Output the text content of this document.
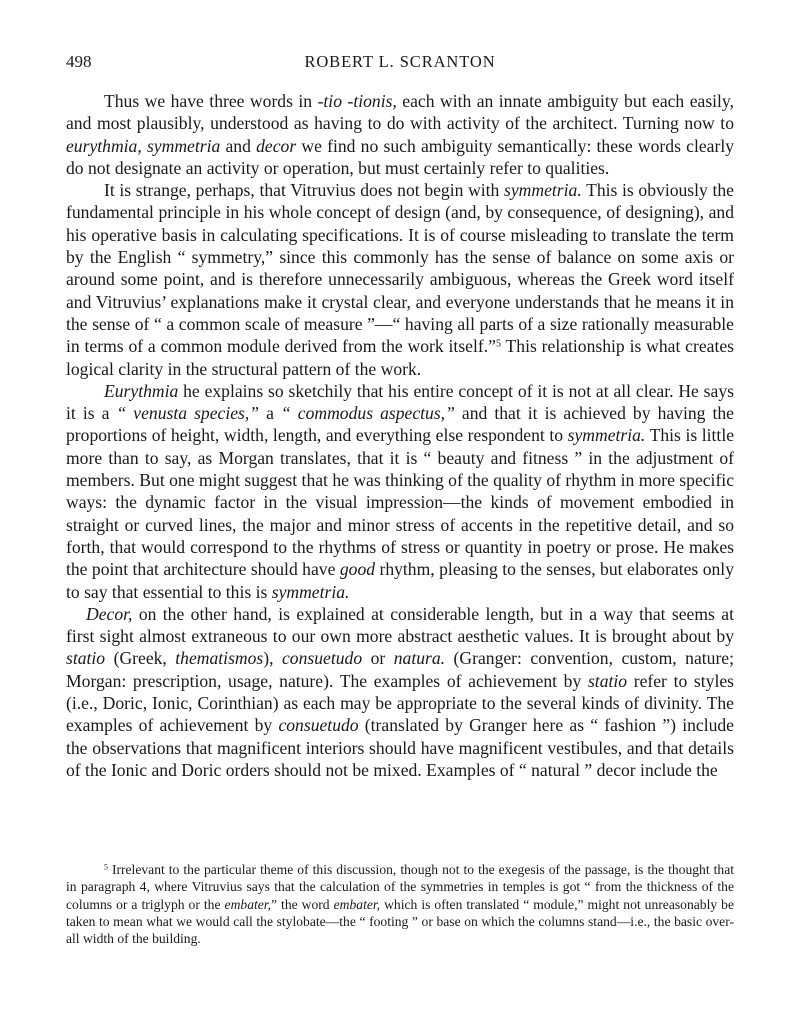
498	ROBERT L. SCRANTON

Thus we have three words in -tio -tionis, each with an innate ambiguity but each easily, and most plausibly, understood as having to do with activity of the architect. Turning now to eurythmia, symmetria and decor we find no such ambiguity semantically: these words clearly do not designate an activity or operation, but must certainly refer to qualities.

It is strange, perhaps, that Vitruvius does not begin with symmetria. This is obviously the fundamental principle in his whole concept of design (and, by consequence, of designing), and his operative basis in calculating specifications. It is of course misleading to translate the term by the English “ symmetry,” since this commonly has the sense of balance on some axis or around some point, and is therefore unnecessarily ambiguous, whereas the Greek word itself and Vitruvius’ explanations make it crystal clear, and everyone understands that he means it in the sense of “ a common scale of measure ”—“ having all parts of a size rationally measurable in terms of a common module derived from the work itself.”$^5$ This relationship is what creates logical clarity in the structural pattern of the work.

Eurythmia he explains so sketchily that his entire concept of it is not at all clear. He says it is a “ venusta species,” a “ commodus aspectus,” and that it is achieved by having the proportions of height, width, length, and everything else respondent to symmetria. This is little more than to say, as Morgan translates, that it is “ beauty and fitness ” in the adjustment of members. But one might suggest that he was thinking of the quality of rhythm in more specific ways: the dynamic factor in the visual impression—the kinds of movement embodied in straight or curved lines, the major and minor stress of accents in the repetitive detail, and so forth, that would correspond to the rhythms of stress or quantity in poetry or prose. He makes the point that architecture should have good rhythm, pleasing to the senses, but elaborates only to say that essential to this is symmetria.

Decor, on the other hand, is explained at considerable length, but in a way that seems at first sight almost extraneous to our own more abstract aesthetic values. It is brought about by statio (Greek, thematismos), consuetudo or natura. (Granger: convention, custom, nature; Morgan: prescription, usage, nature). The examples of achievement by statio refer to styles (i.e., Doric, Ionic, Corinthian) as each may be appropriate to the several kinds of divinity. The examples of achievement by consuetudo (translated by Granger here as “ fashion ”) include the observations that magnificent interiors should have magnificent vestibules, and that details of the Ionic and Doric orders should not be mixed. Examples of “ natural ” decor include the

$^5$ Irrelevant to the particular theme of this discussion, though not to the exegesis of the passage, is the thought that in paragraph 4, where Vitruvius says that the calculation of the symmetries in temples is got “ from the thickness of the columns or a triglyph or the embater,” the word embater, which is often translated “ module,” might not unreasonably be taken to mean what we would call the stylobate—the “ footing ” or base on which the columns stand—i.e., the basic over-all width of the building.
